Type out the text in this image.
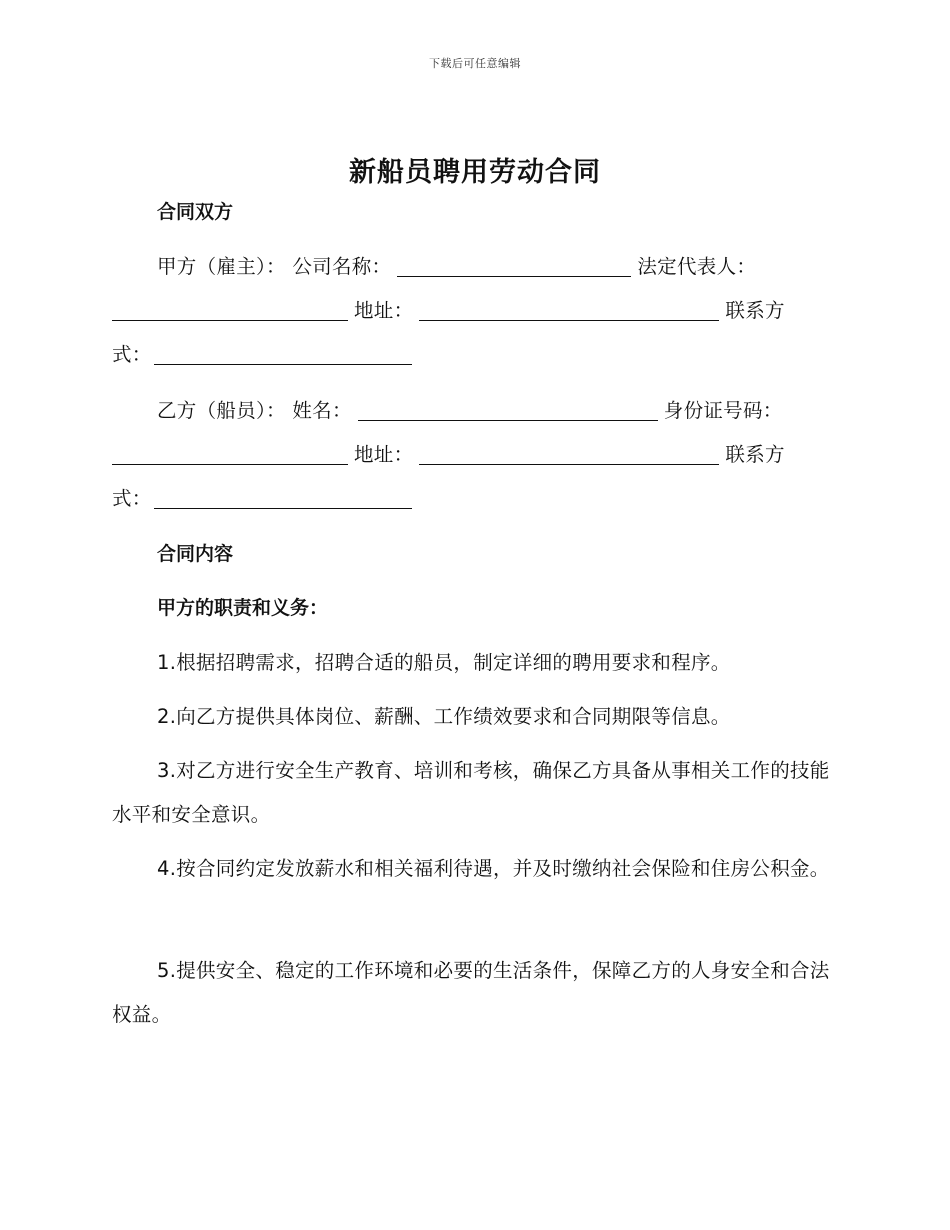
下载后可任意编辑
新船员聘用劳动合同
合同双方
甲方（雇主）： 公司名称：	法定代表人：
地址：	联系方
式：
乙方（船员）： 姓名：	身份证号码：
地址：	联系方
式：
合同内容
甲方的职责和义务：
1.根据招聘需求，招聘合适的船员，制定详细的聘用要求和程序。
2.向乙方提供具体岗位、薪酬、工作绩效要求和合同期限等信息。
3.对乙方进行安全生产教育、培训和考核，确保乙方具备从事相关工作的技能水平和安全意识。
4.按合同约定发放薪水和相关福利待遇，并及时缴纳社会保险和住房公积金。
5.提供安全、稳定的工作环境和必要的生活条件，保障乙方的人身安全和合法权益。
